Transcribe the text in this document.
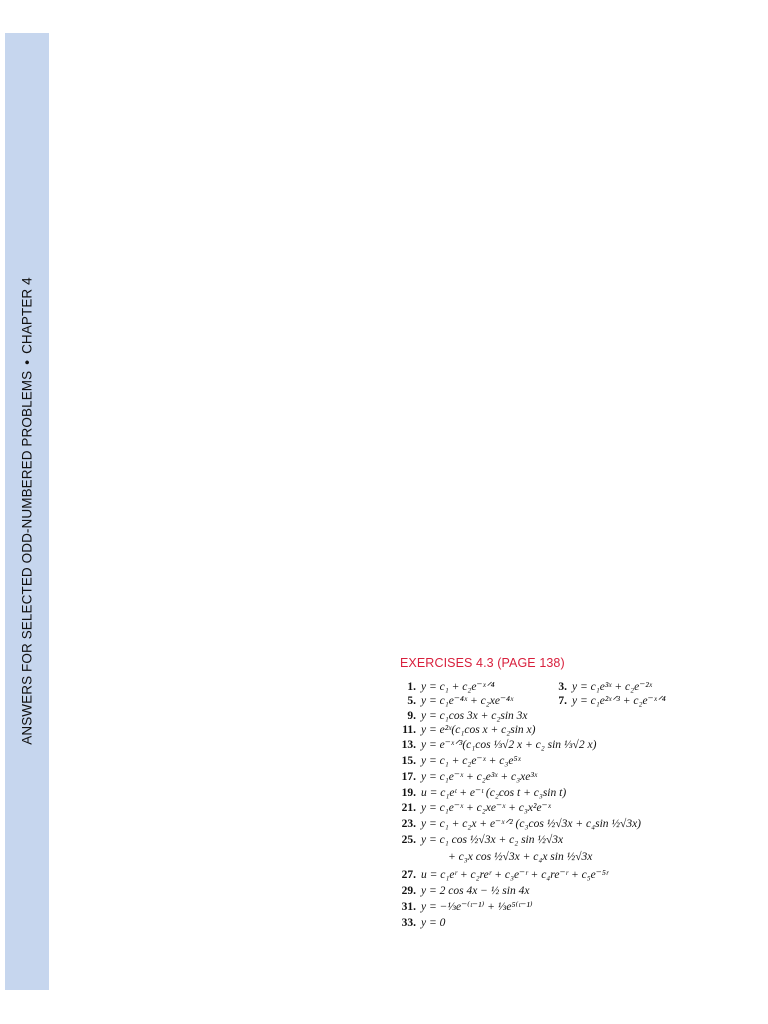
ANSWERS FOR SELECTED ODD-NUMBERED PROBLEMS•CHAPTER 4
EXERCISES 4.3 (PAGE 138)
1. y = c₁ + c₂e⁻ˣᐟ⁴	3. y = c₁e³ˣ + c₂e⁻²ˣ
5. y = c₁e⁻⁴ˣ + c₂xe⁻⁴ˣ	7. y = c₁e²ˣᐟ³ + c₂e⁻ˣᐟ⁴
9. y = c₁cos 3x + c₂sin 3x
11. y = e²ˣ(c₁cos x + c₂sin x)
13. y = e⁻ˣᐟ³(c₁cos ⅓√2 x + c₂ sin ⅓√2 x)
15. y = c₁ + c₂e⁻ˣ + c₃e⁵ˣ
17. y = c₁e⁻ˣ + c₂e³ˣ + c₃xe³ˣ
19. u = c₁eᵗ + e⁻ᵗ (c₂cos t + c₃sin t)
21. y = c₁e⁻ˣ + c₂xe⁻ˣ + c₃x²e⁻ˣ
23. y = c₁ + c₂x + e⁻ˣᐟ² (c₃cos ½√3x + c₄sin ½√3x)
25. y = c₁ cos ½√3x + c₂ sin ½√3x
+ c₃x cos ½√3x + c₄x sin ½√3x
27. u = c₁eʳ + c₂reʳ + c₃e⁻ʳ + c₄re⁻ʳ + c₅e⁻⁵ʳ
29. y = 2 cos 4x − ½ sin 4x
31. y = −⅓e⁻⁽ᵗ⁻¹⁾ + ⅓e⁵⁽ᵗ⁻¹⁾
33. y = 0
